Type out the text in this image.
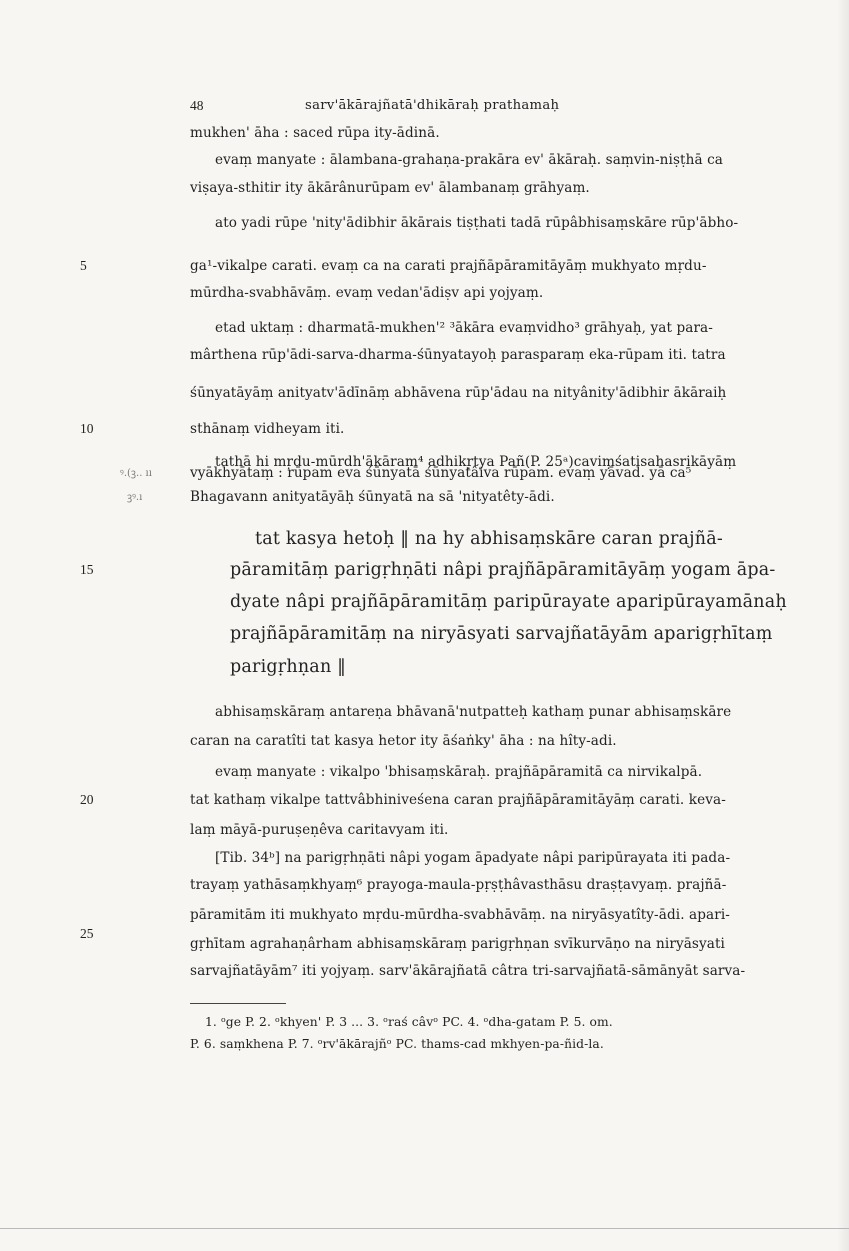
48	sarv'ākārajñatā'dhikāraḥ prathamaḥ
5
10
15
20
25
ꝰ.(ꝫ.. ıı
ꝫꝰ.ı
mukhen' āha : saced rūpa ity-ādinā.
evaṃ manyate : ālambana-grahaṇa-prakāra ev' ākāraḥ. saṃvin-niṣṭhā ca
viṣaya-sthitir ity ākārânurūpam ev' ālambanaṃ grāhyaṃ.
ato yadi rūpe 'nity'ādibhir ākārais tiṣṭhati tadā rūpâbhisaṃskāre rūp'ābho-
ga¹-vikalpe carati. evaṃ ca na carati prajñāpāramitāyāṃ mukhyato mṛdu-
mūrdha-svabhāvāṃ. evaṃ vedan'ādiṣv api yojyaṃ.
etad uktaṃ : dharmatā-mukhen'² ³ākāra evaṃvidho³ grāhyaḥ, yat para-
mârthena rūp'ādi-sarva-dharma-śūnyatayoḥ parasparaṃ eka-rūpam iti. tatra
śūnyatāyāṃ anityatv'ādīnāṃ abhāvena rūp'ādau na nityânity'ādibhir ākāraiḥ
sthānaṃ vidheyam iti.
tathā hi mṛdu-mūrdh'ākāram⁴ adhikṛtya Pañ(P. 25ᵃ)caviṃśatisahasrikāyāṃ
vyākhyātaṃ : rūpam eva śūnyatā śūnyatâiva rūpam. evaṃ yāvad. yā ca⁵
Bhagavann anityatāyāḥ śūnyatā na sā 'nityatêty-ādi.
tat kasya hetoḥ ‖ na hy abhisaṃskāre caran prajñā-
pāramitāṃ parigṛhṇāti nâpi prajñāpāramitāyāṃ yogam āpa-
dyate nâpi prajñāpāramitāṃ paripūrayate aparipūrayamānaḥ
prajñāpāramitāṃ na niryāsyati sarvajñatāyām aparigṛhītaṃ
parigṛhṇan ‖
abhisaṃskāraṃ antareṇa bhāvanā'nutpatteḥ kathaṃ punar abhisaṃskāre
caran na caratîti tat kasya hetor ity āśaṅky' āha : na hîty-adi.
evaṃ manyate : vikalpo 'bhisaṃskāraḥ. prajñāpāramitā ca nirvikalpā.
tat kathaṃ vikalpe tattvâbhiniveśena caran prajñāpāramitāyāṃ carati. keva-
laṃ māyā-puruṣeṇêva caritavyam iti.
[Tib. 34ᵇ] na parigṛhṇāti nâpi yogam āpadyate nâpi paripūrayata iti pada-
trayaṃ yathāsaṃkhyaṃ⁶ prayoga-maula-pṛṣṭhâvasthāsu draṣṭavyaṃ. prajñā-
pāramitām iti mukhyato mṛdu-mūrdha-svabhāvāṃ. na niryāsyatîty-ādi. apari-
gṛhītam agrahaṇârham abhisaṃskāraṃ parigṛhṇan svīkurvāṇo na niryāsyati
sarvajñatāyām⁷ iti yojyaṃ. sarv'ākārajñatā câtra tri-sarvajñatā-sāmānyāt sarva-
1. ᵒge P. 2. ᵒkhyen' P. 3 ... 3. ᵒraś câvᵒ PC. 4. ᵒdha-gatam P. 5. om.
P. 6. saṃkhena P. 7. ᵒrv'ākārajñᵒ PC. thams-cad mkhyen-pa-ñid-la.
